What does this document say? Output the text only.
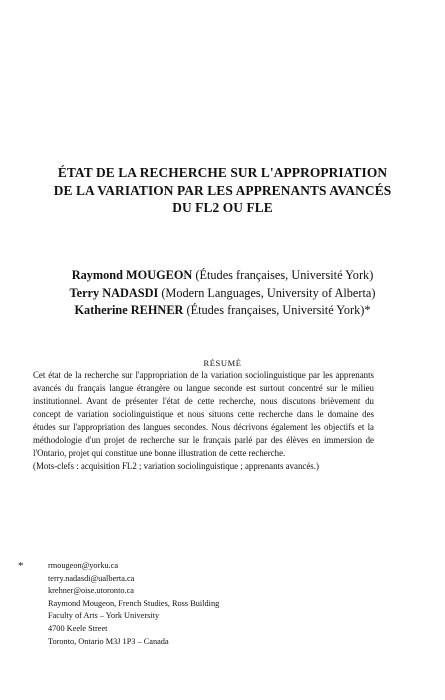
ÉTAT DE LA RECHERCHE SUR L'APPROPRIATION
DE LA VARIATION PAR LES APPRENANTS AVANCÉS
DU FL2 OU FLE
Raymond MOUGEON (Études françaises, Université York)
Terry NADASDI (Modern Languages, University of Alberta)
Katherine REHNER (Études françaises, Université York)*
RÉSUMÉ

Cet état de la recherche sur l'appropriation de la variation sociolinguistique par les apprenants avancés du français langue étrangère ou langue seconde est surtout concentré sur le milieu institutionnel. Avant de présenter l'état de cette recherche, nous discutons brièvement du concept de variation sociolinguistique et nous situons cette recherche dans le domaine des études sur l'appropriation des langues secondes. Nous décrivons également les objectifs et la méthodologie d'un projet de recherche sur le français parlé par des élèves en immersion de l'Ontario, projet qui constitue une bonne illustration de cette recherche.

(Mots-clefs : acquisition FL2 ; variation sociolinguistique ; apprenants avancés.)

*	rmougeon@yorku.ca
terry.nadasdi@ualberta.ca
krehner@oise.utoronto.ca
Raymond Mougeon, French Studies, Ross Building
Faculty of Arts – York University
4700 Keele Street
Toronto, Ontario M3J 1P3 – Canada
